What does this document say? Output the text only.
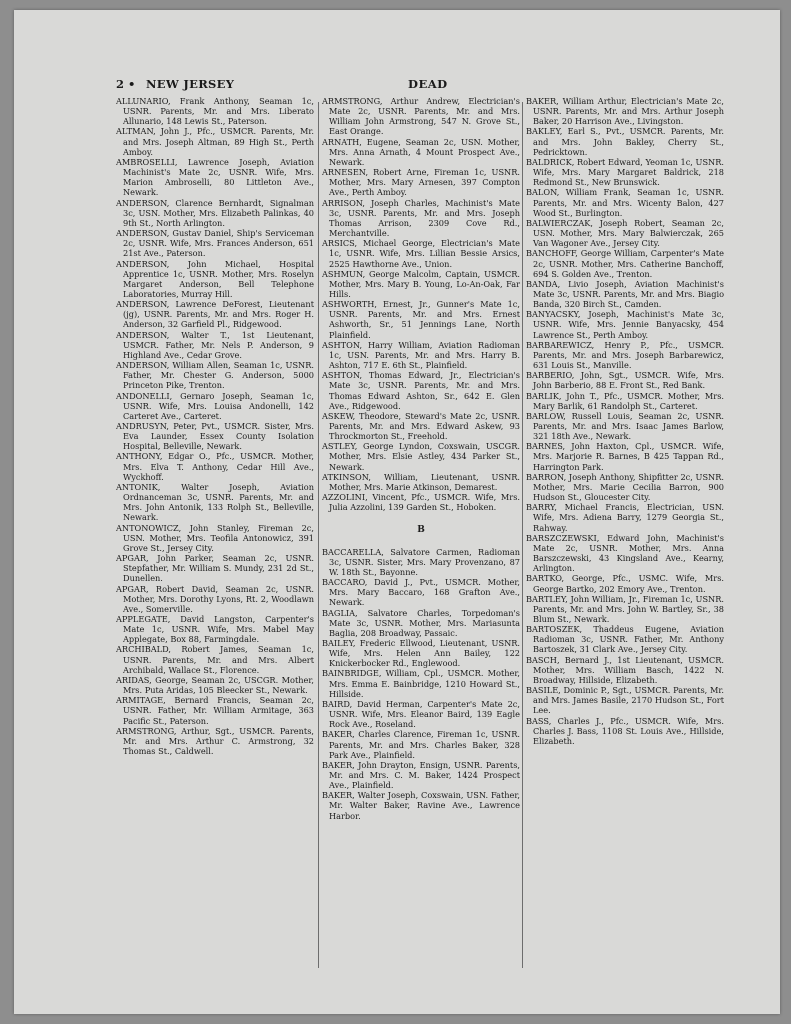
2 • NEW JERSEY	DEAD

ALLUNARIO, Frank Anthony, Seaman 1c, USNR. Parents, Mr. and Mrs. Liberato Allunario, 148 Lewis St., Paterson.

ALTMAN, John J., Pfc., USMCR. Parents, Mr. and Mrs. Joseph Altman, 89 High St., Perth Amboy.

AMBROSELLI, Lawrence Joseph, Aviation Machinist's Mate 2c, USNR. Wife, Mrs. Marion Ambroselli, 80 Littleton Ave., Newark.

ANDERSON, Clarence Bernhardt, Signalman 3c, USN. Mother, Mrs. Elizabeth Palinkas, 40 9th St., North Arlington.

ANDERSON, Gustav Daniel, Ship's Serviceman 2c, USNR. Wife, Mrs. Frances Anderson, 651 21st Ave., Paterson.

ANDERSON, John Michael, Hospital Apprentice 1c, USNR. Mother, Mrs. Roselyn Margaret Anderson, Bell Telephone Laboratories, Murray Hill.

ANDERSON, Lawrence DeForest, Lieutenant (jg), USNR. Parents, Mr. and Mrs. Roger H. Anderson, 32 Garfield Pl., Ridgewood.

ANDERSON, Walter T., 1st Lieutenant, USMCR. Father, Mr. Nels P. Anderson, 9 Highland Ave., Cedar Grove.

ANDERSON, William Allen, Seaman 1c, USNR. Father, Mr. Chester G. Anderson, 5000 Princeton Pike, Trenton.

ANDONELLI, Gernaro Joseph, Seaman 1c, USNR. Wife, Mrs. Louisa Andonelli, 142 Carteret Ave., Carteret.

ANDRUSYN, Peter, Pvt., USMCR. Sister, Mrs. Eva Launder, Essex County Isolation Hospital, Belleville, Newark.

ANTHONY, Edgar O., Pfc., USMCR. Mother, Mrs. Elva T. Anthony, Cedar Hill Ave., Wyckhoff.

ANTONIK, Walter Joseph, Aviation Ordnanceman 3c, USNR. Parents, Mr. and Mrs. John Antonik, 133 Rolph St., Belleville, Newark.

ANTONOWICZ, John Stanley, Fireman 2c, USN. Mother, Mrs. Teofila Antonowicz, 391 Grove St., Jersey City.

APGAR, John Parker, Seaman 2c, USNR. Stepfather, Mr. William S. Mundy, 231 2d St., Dunellen.

APGAR, Robert David, Seaman 2c, USNR. Mother, Mrs. Dorothy Lyons, Rt. 2, Woodlawn Ave., Somerville.

APPLEGATE, David Langston, Carpenter's Mate 1c, USNR. Wife, Mrs. Mabel May Applegate, Box 88, Farmingdale.

ARCHIBALD, Robert James, Seaman 1c, USNR. Parents, Mr. and Mrs. Albert Archibald, Wallace St., Florence.

ARIDAS, George, Seaman 2c, USCGR. Mother, Mrs. Puta Aridas, 105 Bleecker St., Newark.

ARMITAGE, Bernard Francis, Seaman 2c, USNR. Father, Mr. William Armitage, 363 Pacific St., Paterson.

ARMSTRONG, Arthur, Sgt., USMCR. Parents, Mr. and Mrs. Arthur C. Armstrong, 32 Thomas St., Caldwell.

ARMSTRONG, Arthur Andrew, Electrician's Mate 2c, USNR. Parents, Mr. and Mrs. William John Armstrong, 547 N. Grove St., East Orange.

ARNATH, Eugene, Seaman 2c, USN. Mother, Mrs. Anna Arnath, 4 Mount Prospect Ave., Newark.

ARNESEN, Robert Arne, Fireman 1c, USNR. Mother, Mrs. Mary Arnesen, 397 Compton Ave., Perth Amboy.

ARRISON, Joseph Charles, Machinist's Mate 3c, USNR. Parents, Mr. and Mrs. Joseph Thomas Arrison, 2309 Cove Rd., Merchantville.

ARSICS, Michael George, Electrician's Mate 1c, USNR. Wife, Mrs. Lillian Bessie Arsics, 2525 Hawthorne Ave., Union.

ASHMUN, George Malcolm, Captain, USMCR. Mother, Mrs. Mary B. Young, Lo-An-Oak, Far Hills.

ASHWORTH, Ernest, Jr., Gunner's Mate 1c, USNR. Parents, Mr. and Mrs. Ernest Ashworth, Sr., 51 Jennings Lane, North Plainfield.

ASHTON, Harry William, Aviation Radioman 1c, USN. Parents, Mr. and Mrs. Harry B. Ashton, 717 E. 6th St., Plainfield.

ASHTON, Thomas Edward, Jr., Electrician's Mate 3c, USNR. Parents, Mr. and Mrs. Thomas Edward Ashton, Sr., 642 E. Glen Ave., Ridgewood.

ASKEW, Theodore, Steward's Mate 2c, USNR. Parents, Mr. and Mrs. Edward Askew, 93 Throckmorton St., Freehold.

ASTLEY, George Lyndon, Coxswain, USCGR. Mother, Mrs. Elsie Astley, 434 Parker St., Newark.

ATKINSON, William, Lieutenant, USNR. Mother, Mrs. Marie Atkinson, Demarest.

AZZOLINI, Vincent, Pfc., USMCR. Wife, Mrs. Julia Azzolini, 139 Garden St., Hoboken.

B

BACCARELLA, Salvatore Carmen, Radioman 3c, USNR. Sister, Mrs. Mary Provenzano, 87 W. 18th St., Bayonne.

BACCARO, David J., Pvt., USMCR. Mother, Mrs. Mary Baccaro, 168 Grafton Ave., Newark.

BAGLIA, Salvatore Charles, Torpedoman's Mate 3c, USNR. Mother, Mrs. Mariasunta Baglia, 208 Broadway, Passaic.

BAILEY, Frederic Ellwood, Lieutenant, USNR. Wife, Mrs. Helen Ann Bailey, 122 Knickerbocker Rd., Englewood.

BAINBRIDGE, William, Cpl., USMCR. Mother, Mrs. Emma E. Bainbridge, 1210 Howard St., Hillside.

BAIRD, David Herman, Carpenter's Mate 2c, USNR. Wife, Mrs. Eleanor Baird, 139 Eagle Rock Ave., Roseland.

BAKER, Charles Clarence, Fireman 1c, USNR. Parents, Mr. and Mrs. Charles Baker, 328 Park Ave., Plainfield.

BAKER, John Drayton, Ensign, USNR. Parents, Mr. and Mrs. C. M. Baker, 1424 Prospect Ave., Plainfield.

BAKER, Walter Joseph, Coxswain, USN. Father, Mr. Walter Baker, Ravine Ave., Lawrence Harbor.

BAKER, William Arthur, Electrician's Mate 2c, USNR. Parents, Mr. and Mrs. Arthur Joseph Baker, 20 Harrison Ave., Livingston.

BAKLEY, Earl S., Pvt., USMCR. Parents, Mr. and Mrs. John Bakley, Cherry St., Pedricktown.

BALDRICK, Robert Edward, Yeoman 1c, USNR. Wife, Mrs. Mary Margaret Baldrick, 218 Redmond St., New Brunswick.

BALON, William Frank, Seaman 1c, USNR. Parents, Mr. and Mrs. Wicenty Balon, 427 Wood St., Burlington.

BALWIERCZAK, Joseph Robert, Seaman 2c, USN. Mother, Mrs. Mary Balwierczak, 265 Van Wagoner Ave., Jersey City.

BANCHOFF, George William, Carpenter's Mate 2c, USNR. Mother, Mrs. Catherine Banchoff, 694 S. Golden Ave., Trenton.

BANDA, Livio Joseph, Aviation Machinist's Mate 3c, USNR. Parents, Mr. and Mrs. Biagio Banda, 320 Birch St., Camden.

BANYACSKY, Joseph, Machinist's Mate 3c, USNR. Wife, Mrs. Jennie Banyacsky, 454 Lawrence St., Perth Amboy.

BARBAREWICZ, Henry P., Pfc., USMCR. Parents, Mr. and Mrs. Joseph Barbarewicz, 631 Louis St., Manville.

BARBERIO, John, Sgt., USMCR. Wife, Mrs. John Barberio, 88 E. Front St., Red Bank.

BARLIK, John T., Pfc., USMCR. Mother, Mrs. Mary Barlik, 61 Randolph St., Carteret.

BARLOW, Russell Louis, Seaman 2c, USNR. Parents, Mr. and Mrs. Isaac James Barlow, 321 18th Ave., Newark.

BARNES, John Haxton, Cpl., USMCR. Wife, Mrs. Marjorie R. Barnes, B 425 Tappan Rd., Harrington Park.

BARRON, Joseph Anthony, Shipfitter 2c, USNR. Mother, Mrs. Marie Cecilia Barron, 900 Hudson St., Gloucester City.

BARRY, Michael Francis, Electrician, USN. Wife, Mrs. Adiena Barry, 1279 Georgia St., Rahway.

BARSZCZEWSKI, Edward John, Machinist's Mate 2c, USNR. Mother, Mrs. Anna Barszczewski, 43 Kingsland Ave., Kearny, Arlington.

BARTKO, George, Pfc., USMC. Wife, Mrs. George Bartko, 202 Emory Ave., Trenton.

BARTLEY, John William, Jr., Fireman 1c, USNR. Parents, Mr. and Mrs. John W. Bartley, Sr., 38 Blum St., Newark.

BARTOSZEK, Thaddeus Eugene, Aviation Radioman 3c, USNR. Father, Mr. Anthony Bartoszek, 31 Clark Ave., Jersey City.

BASCH, Bernard J., 1st Lieutenant, USMCR. Mother, Mrs. William Basch, 1422 N. Broadway, Hillside, Elizabeth.

BASILE, Dominic P., Sgt., USMCR. Parents, Mr. and Mrs. James Basile, 2170 Hudson St., Fort Lee.

BASS, Charles J., Pfc., USMCR. Wife, Mrs. Charles J. Bass, 1108 St. Louis Ave., Hillside, Elizabeth.
